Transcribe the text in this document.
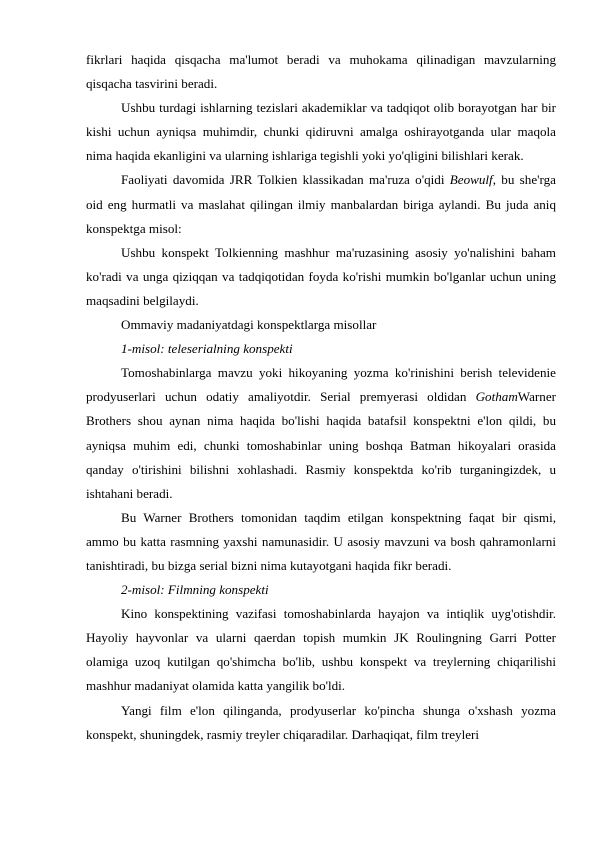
fikrlari haqida qisqacha ma'lumot beradi va muhokama qilinadigan mavzularning qisqacha tasvirini beradi.

Ushbu turdagi ishlarning tezislari akademiklar va tadqiqot olib borayotgan har bir kishi uchun ayniqsa muhimdir, chunki qidiruvni amalga oshirayotganda ular maqola nima haqida ekanligini va ularning ishlariga tegishli yoki yo'qligini bilishlari kerak.

Faoliyati davomida JRR Tolkien klassikadan ma'ruza o'qidi Beowulf, bu she'rga oid eng hurmatli va maslahat qilingan ilmiy manbalardan biriga aylandi. Bu juda aniq konspektga misol:

Ushbu konspekt Tolkienning mashhur ma'ruzasining asosiy yo'nalishini baham ko'radi va unga qiziqqan va tadqiqotidan foyda ko'rishi mumkin bo'lganlar uchun uning maqsadini belgilaydi.

Ommaviy madaniyatdagi konspektlarga misollar

1-misol: teleserialning konspekti

Tomoshabinlarga mavzu yoki hikoyaning yozma ko'rinishini berish televidenie prodyuserlari uchun odatiy amaliyotdir. Serial premyerasi oldidan GothamWarner Brothers shou aynan nima haqida bo'lishi haqida batafsil konspektni e'lon qildi, bu ayniqsa muhim edi, chunki tomoshabinlar uning boshqa Batman hikoyalari orasida qanday o'tirishini bilishni xohlashadi. Rasmiy konspektda ko'rib turganingizdek, u ishtahani beradi.

Bu Warner Brothers tomonidan taqdim etilgan konspektning faqat bir qismi, ammo bu katta rasmning yaxshi namunasidir. U asosiy mavzuni va bosh qahramonlarni tanishtiradi, bu bizga serial bizni nima kutayotgani haqida fikr beradi.

2-misol: Filmning konspekti

Kino konspektining vazifasi tomoshabinlarda hayajon va intiqlik uyg'otishdir. Hayoliy hayvonlar va ularni qaerdan topish mumkin JK Roulingning Garri Potter olamiga uzoq kutilgan qo'shimcha bo'lib, ushbu konspekt va treylerning chiqarilishi mashhur madaniyat olamida katta yangilik bo'ldi.

Yangi film e'lon qilinganda, prodyuserlar ko'pincha shunga o'xshash yozma konspekt, shuningdek, rasmiy treyler chiqaradilar. Darhaqiqat, film treyleri
